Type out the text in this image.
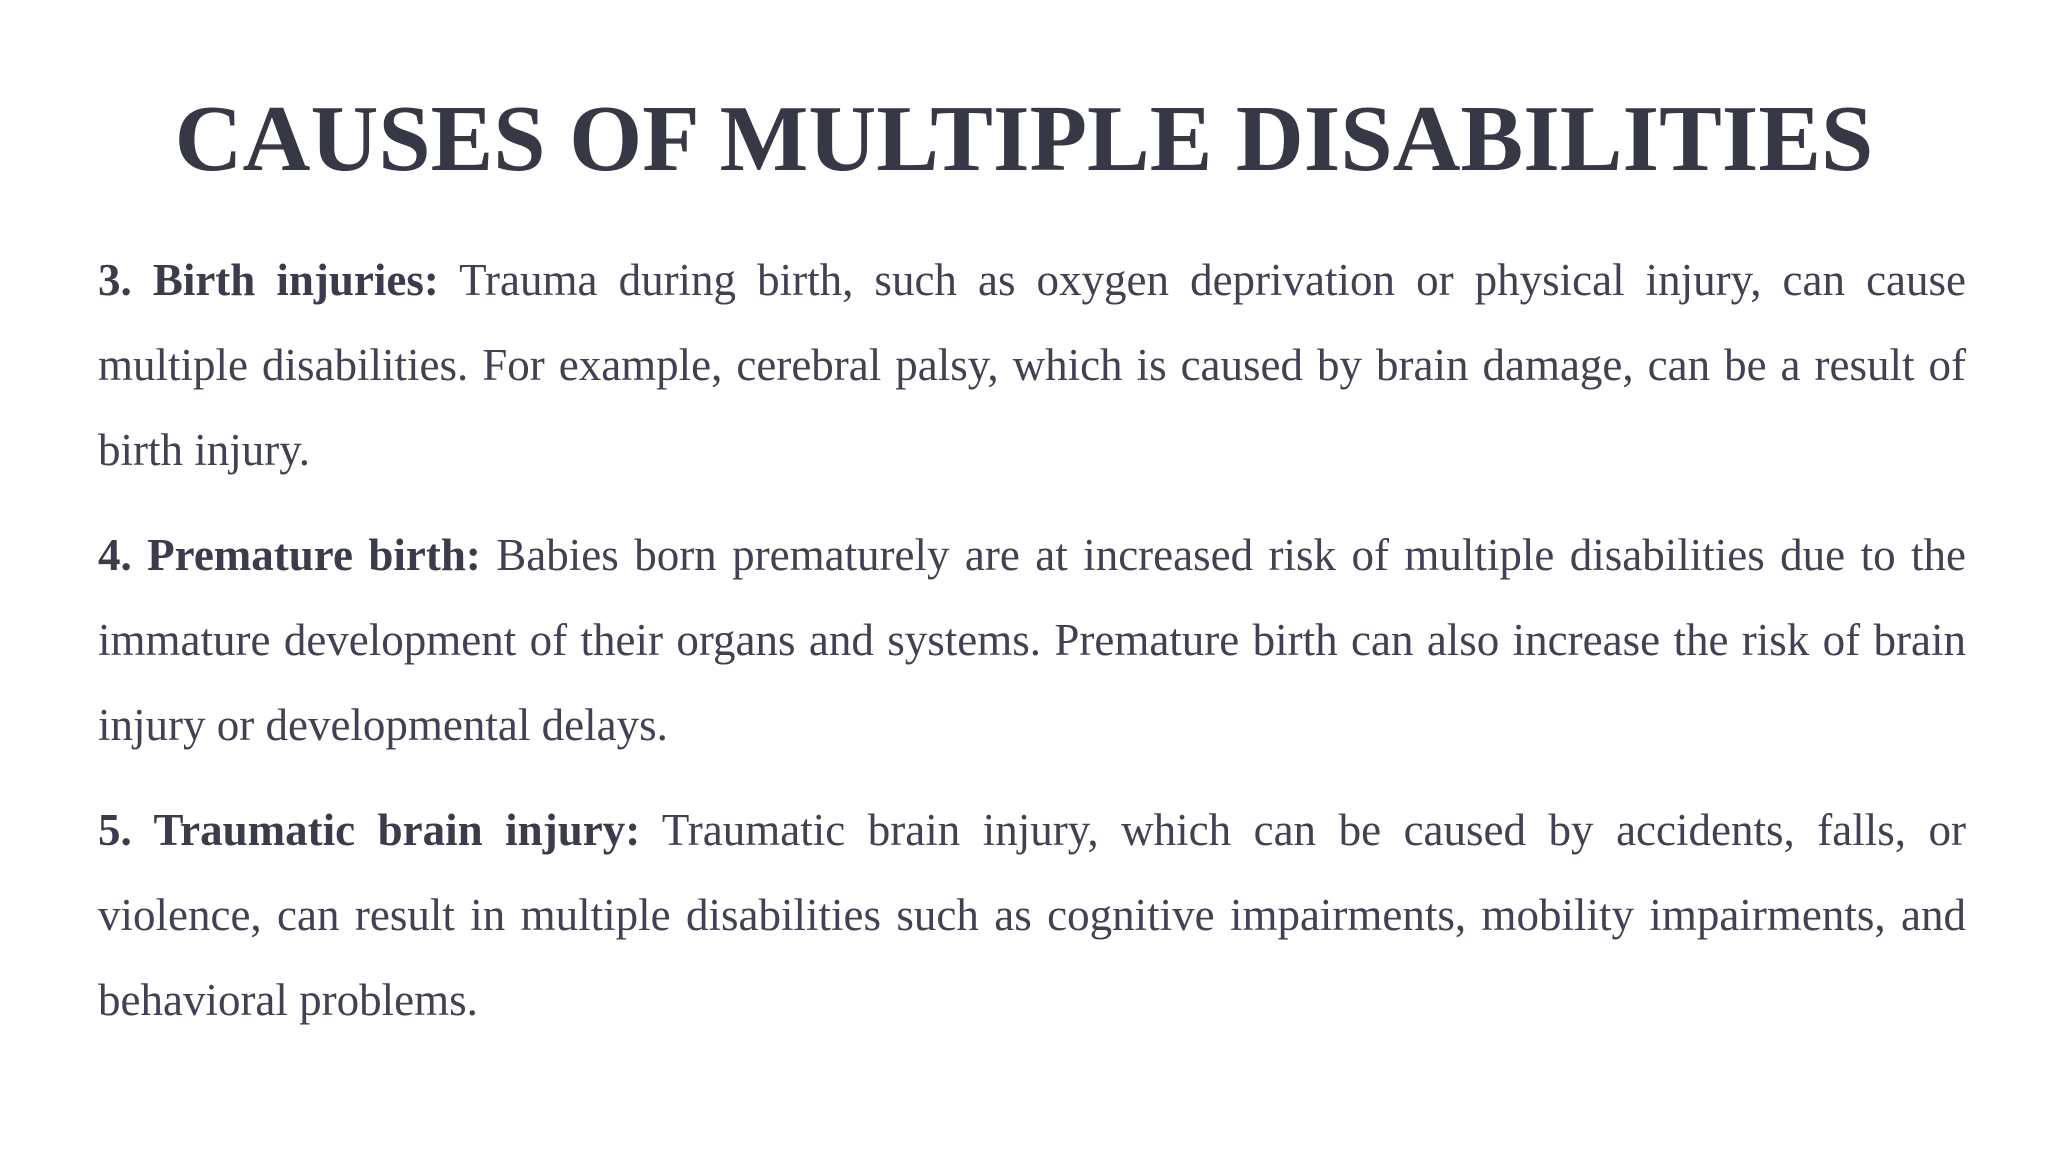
CAUSES OF MULTIPLE DISABILITIES

3. Birth injuries: Trauma during birth, such as oxygen deprivation or physical injury, can cause multiple disabilities. For example, cerebral palsy, which is caused by brain damage, can be a result of birth injury.

4. Premature birth: Babies born prematurely are at increased risk of multiple disabilities due to the immature development of their organs and systems. Premature birth can also increase the risk of brain injury or developmental delays.

5. Traumatic brain injury: Traumatic brain injury, which can be caused by accidents, falls, or violence, can result in multiple disabilities such as cognitive impairments, mobility impairments, and behavioral problems.
